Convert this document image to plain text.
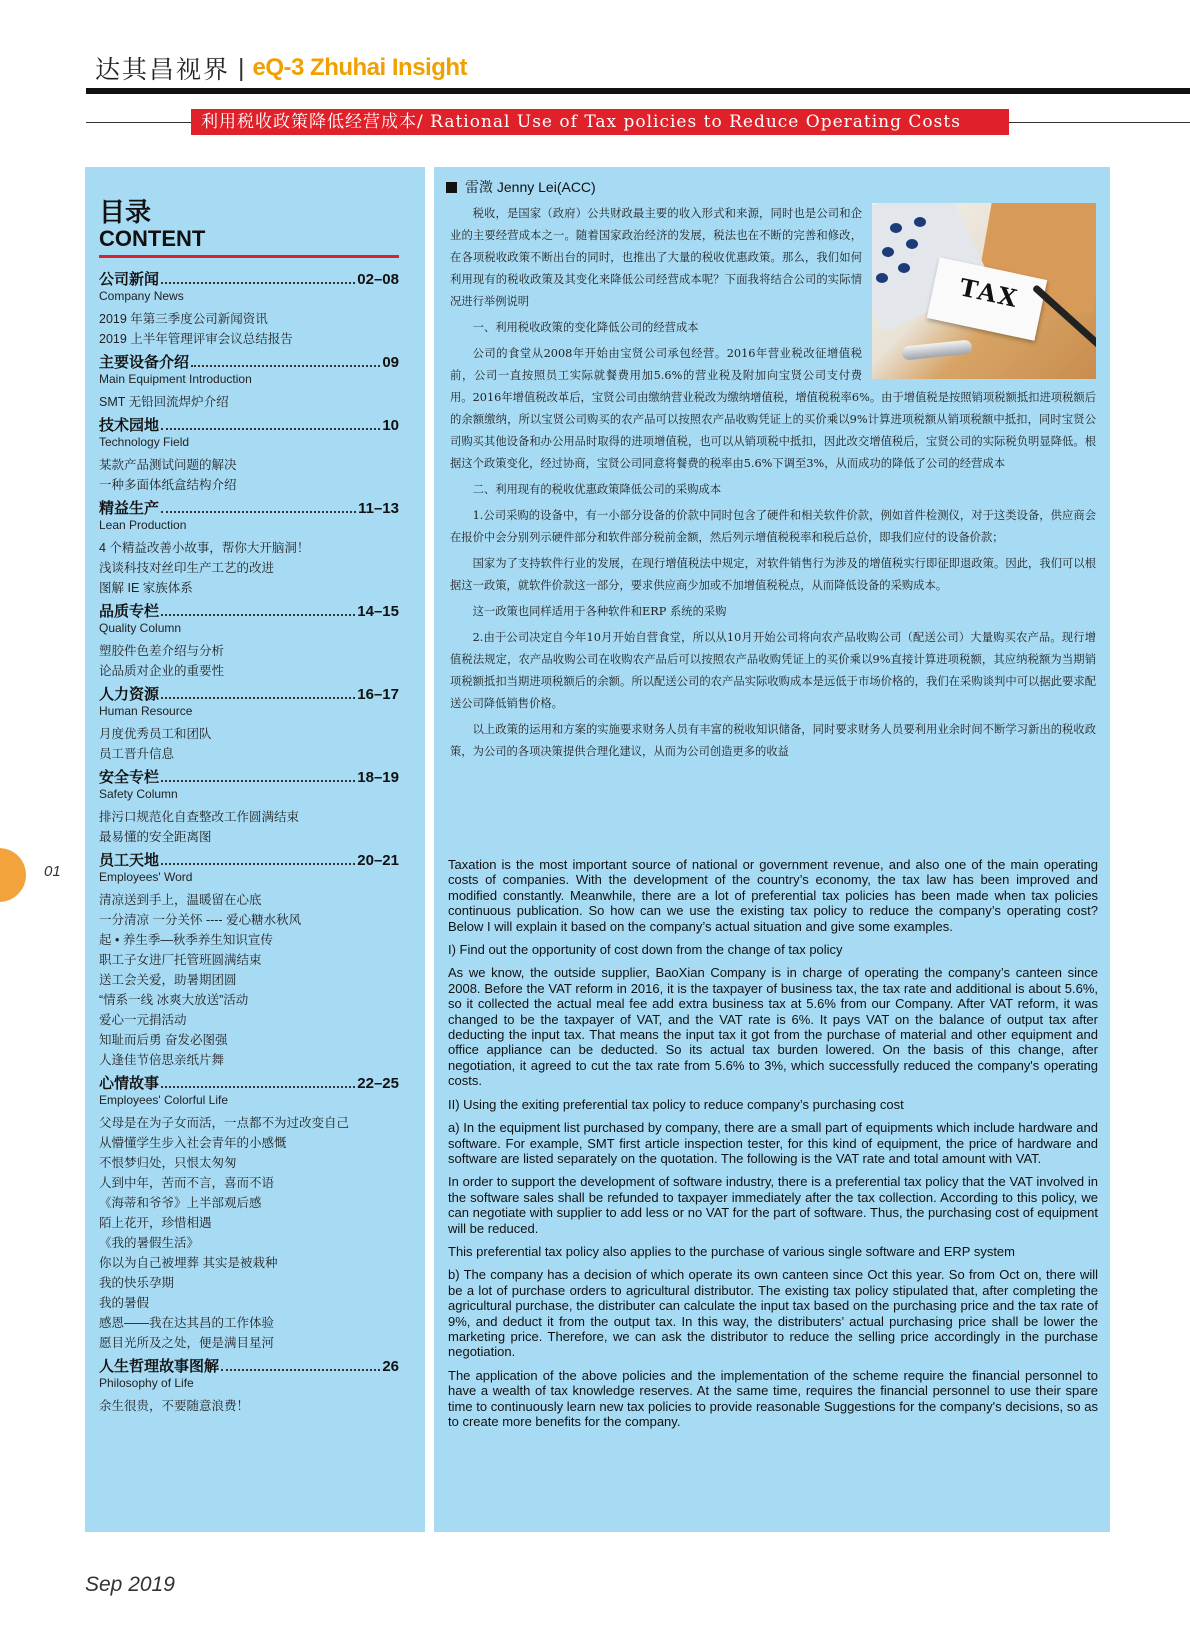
达其昌视界 | eQ-3 Zhuhai Insight
利用税收政策降低经营成本/ Rational Use of Tax policies to Reduce Operating Costs
目录
CONTENT
公司新闻	02–08
Company News
2019 年第三季度公司新闻资讯
2019 上半年管理评审会议总结报告
主要设备介绍	09
Main Equipment Introduction
SMT 无铅回流焊炉介绍
技术园地	10
Technology Field
某款产品测试问题的解决
一种多面体纸盒结构介绍
精益生产	11–13
Lean Production
4 个精益改善小故事，帮你大开脑洞！
浅谈科技对丝印生产工艺的改进
图解 IE 家族体系
品质专栏	14–15
Quality Column
塑胶件色差介绍与分析
论品质对企业的重要性
人力资源	16–17
Human Resource
月度优秀员工和团队
员工晋升信息
安全专栏	18–19
Safety Column
排污口规范化自查整改工作圆满结束
最易懂的安全距离图
员工天地	20–21
Employees' Word
清凉送到手上，温暖留在心底
一分清凉 一分关怀 ---- 爱心糖水秋风
起 • 养生季—秋季养生知识宣传
职工子女进厂托管班圆满结束
送工会关爱，助暑期团圆
“情系一线 冰爽大放送”活动
爱心一元捐活动
知耻而后勇 奋发必图强
人逢佳节倍思亲纸片舞
心情故事	22–25
Employees' Colorful Life
父母是在为子女而活，一点都不为过改变自己
从懵懂学生步入社会青年的小感慨
不恨梦归处，只恨太匆匆
人到中年，苦而不言，喜而不语
《海蒂和爷爷》上半部观后感
陌上花开，珍惜相遇
《我的暑假生活》
你以为自己被埋葬 其实是被栽种
我的快乐孕期
我的暑假
感恩——我在达其昌的工作体验
愿目光所及之处，便是满目星河
人生哲理故事图解	26
Philosophy of Life
余生很贵，不要随意浪费！
01
雷澂 Jenny Lei(ACC)
TAX

税收，是国家（政府）公共财政最主要的收入形式和来源，同时也是公司和企业的主要经营成本之一。随着国家政治经济的发展，税法也在不断的完善和修改，在各项税收政策不断出台的同时，也推出了大量的税收优惠政策。那么，我们如何利用现有的税收政策及其变化来降低公司经营成本呢？下面我将结合公司的实际情况进行举例说明

一、利用税收政策的变化降低公司的经营成本

公司的食堂从2008年开始由宝贤公司承包经营。2016年营业税改征增值税前，公司一直按照员工实际就餐费用加5.6%的营业税及附加向宝贤公司支付费用。2016年增值税改革后，宝贤公司由缴纳营业税改为缴纳增值税，增值税税率6%。由于增值税是按照销项税额抵扣进项税额后的余额缴纳，所以宝贤公司购买的农产品可以按照农产品收购凭证上的买价乘以9%计算进项税额从销项税额中抵扣，同时宝贤公司购买其他设备和办公用品时取得的进项增值税，也可以从销项税中抵扣，因此改交增值税后，宝贤公司的实际税负明显降低。根据这个政策变化，经过协商，宝贤公司同意将餐费的税率由5.6%下调至3%，从而成功的降低了公司的经营成本

二、利用现有的税收优惠政策降低公司的采购成本

1.公司采购的设备中，有一小部分设备的价款中同时包含了硬件和相关软件价款，例如首件检测仪，对于这类设备，供应商会在报价中会分别列示硬件部分和软件部分税前金额，然后列示增值税税率和税后总价，即我们应付的设备价款；

国家为了支持软件行业的发展，在现行增值税法中规定，对软件销售行为涉及的增值税实行即征即退政策。因此，我们可以根据这一政策，就软件价款这一部分，要求供应商少加或不加增值税税点，从而降低设备的采购成本。

这一政策也同样适用于各种软件和ERP 系统的采购

2.由于公司决定自今年10月开始自营食堂，所以从10月开始公司将向农产品收购公司（配送公司）大量购买农产品。现行增值税法规定，农产品收购公司在收购农产品后可以按照农产品收购凭证上的买价乘以9%直接计算进项税额，其应纳税额为当期销项税额抵扣当期进项税额后的余额。所以配送公司的农产品实际收购成本是远低于市场价格的，我们在采购谈判中可以据此要求配送公司降低销售价格。

以上政策的运用和方案的实施要求财务人员有丰富的税收知识储备，同时要求财务人员要利用业余时间不断学习新出的税收政策，为公司的各项决策提供合理化建议，从而为公司创造更多的收益

Taxation is the most important source of national or government revenue, and also one of the main operating costs of companies. With the development of the country’s economy, the tax law has been improved and modified constantly. Meanwhile, there are a lot of preferential tax policies has been made when tax policies continuous publication. So how can we use the existing tax policy to reduce the company’s operating cost? Below I will explain it based on the company’s actual situation and give some examples.

I) Find out the opportunity of cost down from the change of tax policy

As we know, the outside supplier, BaoXian Company is in charge of operating the company’s canteen since 2008. Before the VAT reform in 2016, it is the taxpayer of business tax, the tax rate and additional is about 5.6%, so it collected the actual meal fee add extra business tax at 5.6% from our Company. After VAT reform, it was changed to be the taxpayer of VAT, and the VAT rate is 6%. It pays VAT on the balance of output tax after deducting the input tax. That means the input tax it got from the purchase of material and other equipment and office appliance can be deducted. So its actual tax burden lowered. On the basis of this change, after negotiation, it agreed to cut the tax rate from 5.6% to 3%, which successfully reduced the company's operating costs.

II) Using the exiting preferential tax policy to reduce company’s purchasing cost

a) In the equipment list purchased by company, there are a small part of equipments which include hardware and software. For example, SMT first article inspection tester, for this kind of equipment, the price of hardware and software are listed separately on the quotation. The following is the VAT rate and total amount with VAT.

In order to support the development of software industry, there is a preferential tax policy that the VAT involved in the software sales shall be refunded to taxpayer immediately after the tax collection. According to this policy, we can negotiate with supplier to add less or no VAT for the part of software. Thus, the purchasing cost of equipment will be reduced.

This preferential tax policy also applies to the purchase of various single software and ERP system

b) The company has a decision of which operate its own canteen since Oct this year. So from Oct on, there will be a lot of purchase orders to agricultural distributor. The existing tax policy stipulated that, after completing the agricultural purchase, the distributer can calculate the input tax based on the purchasing price and the tax rate of 9%, and deduct it from the output tax. In this way, the distributers’ actual purchasing price shall be lower the marketing price. Therefore, we can ask the distributor to reduce the selling price accordingly in the purchase negotiation.

The application of the above policies and the implementation of the scheme require the financial personnel to have a wealth of tax knowledge reserves. At the same time, requires the financial personnel to use their spare time to continuously learn new tax policies to provide reasonable Suggestions for the company's decisions, so as to create more benefits for the company.

Sep 2019
